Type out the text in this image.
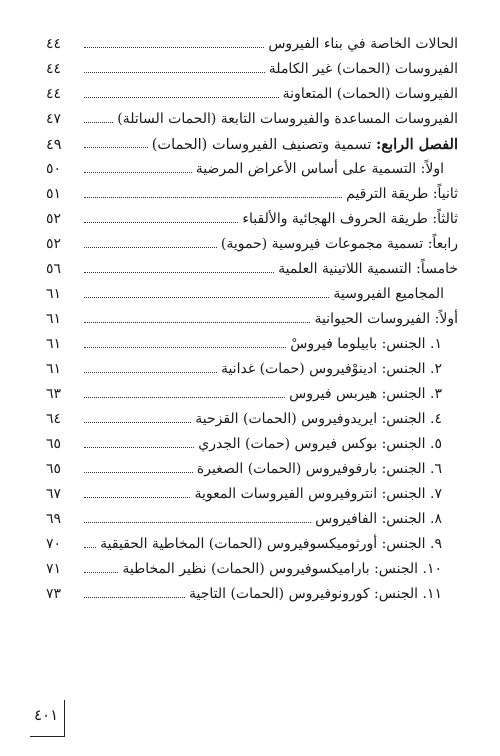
الحالات الخاصة في بناء الفيروس
٤٤
الفيروسات (الحمات) غير الكاملة
٤٤
الفيروسات (الحمات) المتعاونة
٤٤
الفيروسات المساعدة والفيروسات التابعة (الحمات الساتلة)
٤٧
الفصل الرابع: تسمية وتصنيف الفيروسات (الحمات)
٤٩
اولاً: التسمية على أساس الأعراض المرضية
٥٠
ثانياً: طريقة الترقيم
٥١
ثالثاً: طريقة الحروف الهجائية والألقباء
٥٢
رابعاً: تسمية مجموعات فيروسية (حموية)
٥٢
خامساً: التسمية اللاتينية العلمية
٥٦
المجاميع الفيروسية
٦١
أولاً: الفيروسات الحيوانية
٦١
١. الجنس: بابيلوما فيروسْ
٦١
٢. الجنس: ادينوْفيروس (حمات) غدانية
٦١
٣. الجنس: هيربس فيروس
٦٣
٤. الجنس: ايريدوفيروس (الحمات) القزحية
٦٤
٥. الجنس: بوكس فيروس (حمات) الجدري
٦٥
٦. الجنس: بارفوفيروس (الحمات) الصغيرة
٦٥
٧. الجنس: انتروفيروس الفيروسات المعوية
٦٧
٨. الجنس: الفافيروس
٦٩
٩. الجنس: أورثوميكسوفيروس (الحمات) المخاطية الحقيقية
٧٠
١٠. الجنس: باراميكسوفيروس (الحمات) نظير المخاطية
٧١
١١. الجنس: كورونوفيروس (الحمات) التاجية
٧٣
٤٠١
